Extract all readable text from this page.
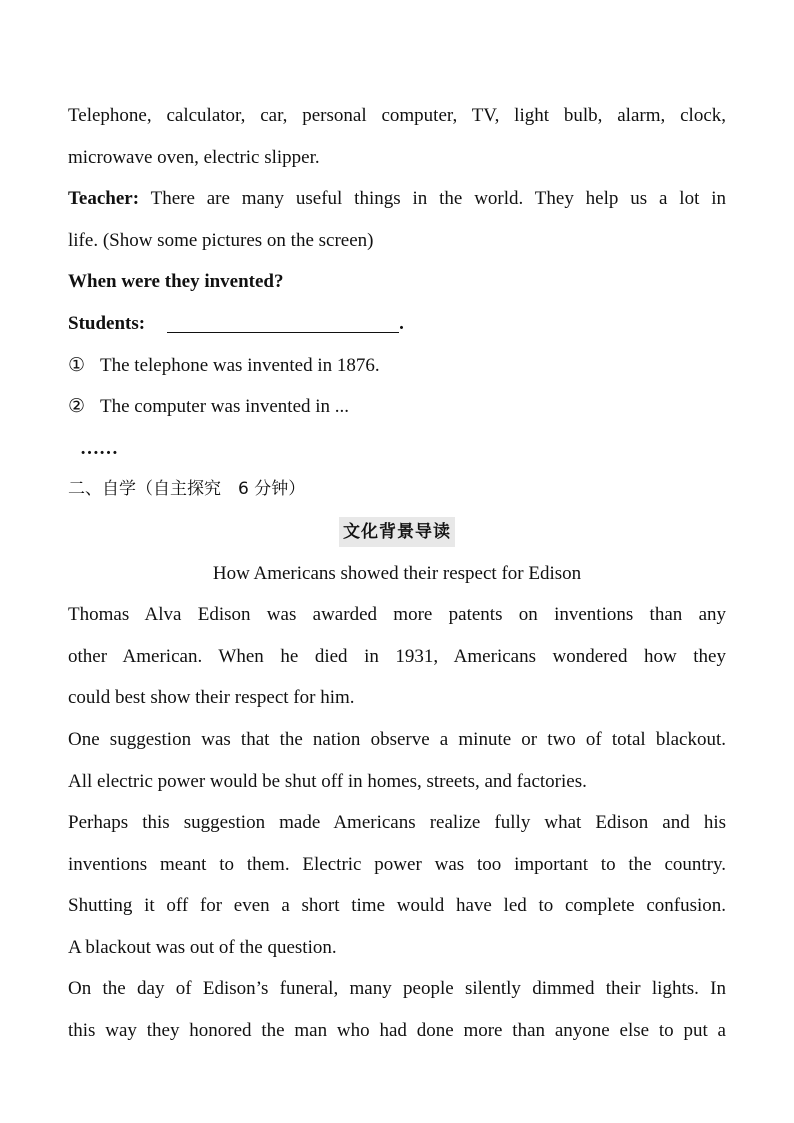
Telephone, calculator, car, personal computer, TV, light bulb, alarm, clock,
microwave oven, electric slipper.
Teacher: There are many useful things in the world. They help us a lot in
life. (Show some pictures on the screen)
When were they invented?
Students:	.
① The telephone was invented in 1876.
② The computer was invented in ...
……
二、自学（自主探究　6 分钟）
文化背景导读
How Americans showed their respect for Edison
Thomas Alva Edison was awarded more patents on inventions than any
other American. When he died in 1931, Americans wondered how they
could best show their respect for him.
One suggestion was that the nation observe a minute or two of total blackout.
All electric power would be shut off in homes, streets, and factories.
Perhaps this suggestion made Americans realize fully what Edison and his
inventions meant to them. Electric power was too important to the country.
Shutting it off for even a short time would have led to complete confusion.
A blackout was out of the question.
On the day of Edison’s funeral, many people silently dimmed their lights. In
this way they honored the man who had done more than anyone else to put a
